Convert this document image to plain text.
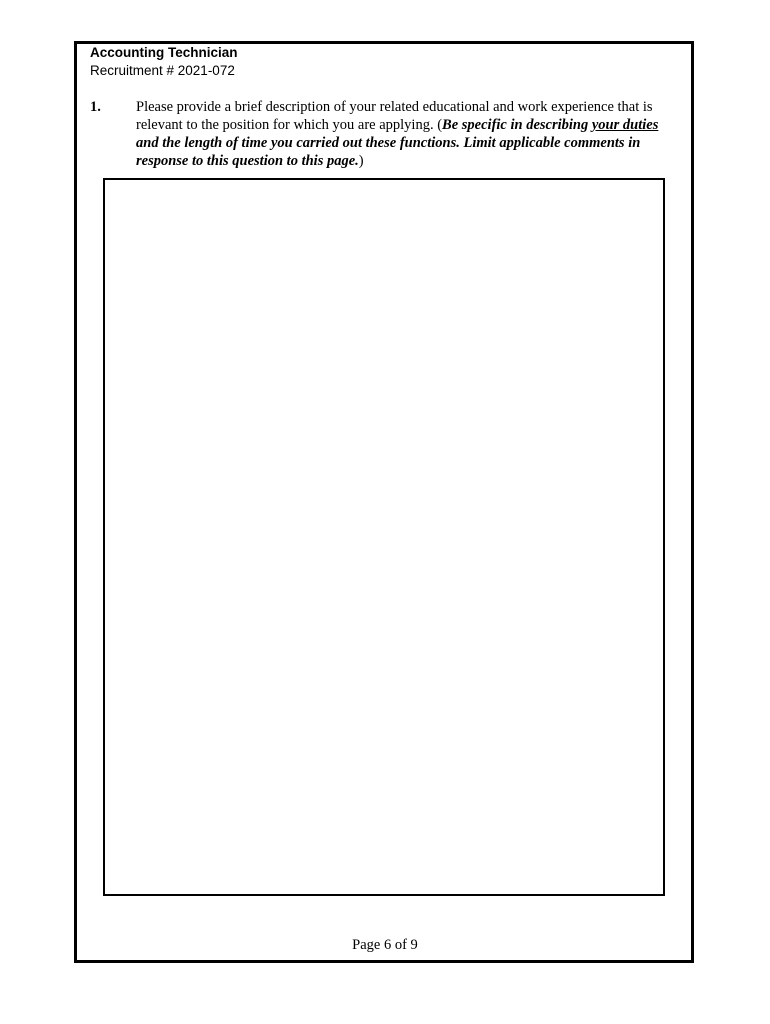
Accounting Technician
Recruitment # 2021-072
1. Please provide a brief description of your related educational and work experience that is relevant to the position for which you are applying. (Be specific in describing your duties and the length of time you carried out these functions. Limit applicable comments in response to this question to this page.)
Page 6 of 9
